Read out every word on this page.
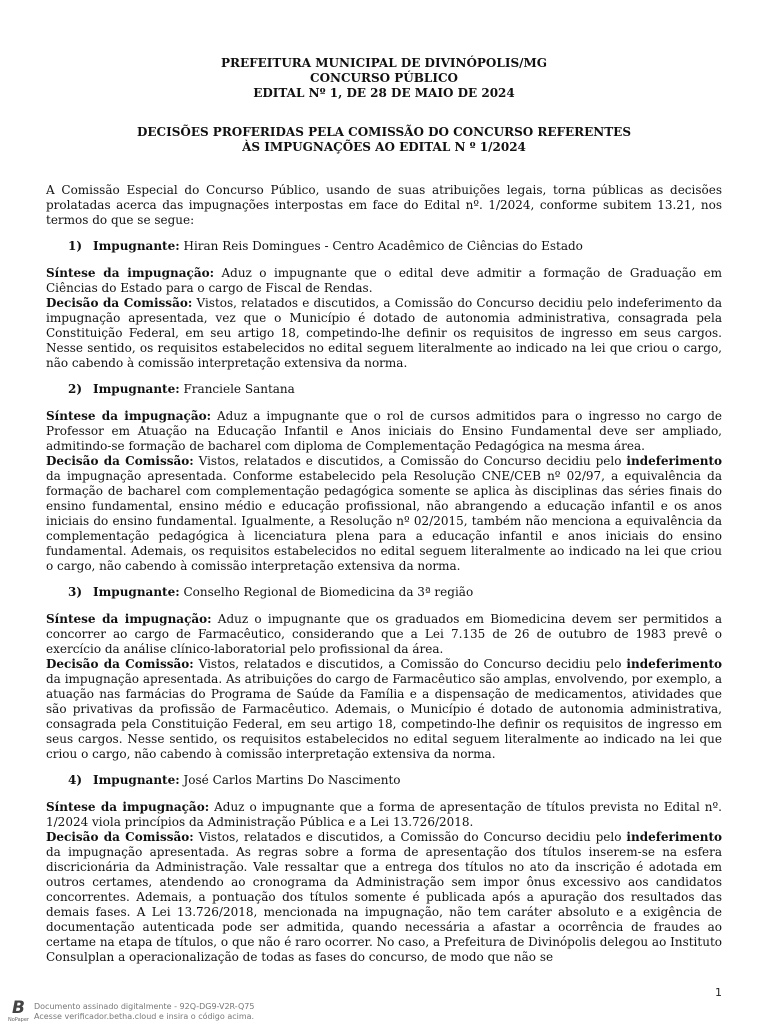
PREFEITURA MUNICIPAL DE DIVINÓPOLIS/MG
CONCURSO PÚBLICO
EDITAL Nº 1, DE 28 DE MAIO DE 2024
DECISÕES PROFERIDAS PELA COMISSÃO DO CONCURSO REFERENTES
ÀS IMPUGNAÇÕES AO EDITAL N º 1/2024

A Comissão Especial do Concurso Público, usando de suas atribuições legais, torna públicas as decisões prolatadas acerca das impugnações interpostas em face do Edital nº. 1/2024, conforme subitem 13.21, nos termos do que se segue:

1) Impugnante: Hiran Reis Domingues - Centro Acadêmico de Ciências do Estado

Síntese da impugnação: Aduz o impugnante que o edital deve admitir a formação de Graduação em Ciências do Estado para o cargo de Fiscal de Rendas.

Decisão da Comissão: Vistos, relatados e discutidos, a Comissão do Concurso decidiu pelo indeferimento da impugnação apresentada, vez que o Município é dotado de autonomia administrativa, consagrada pela Constituição Federal, em seu artigo 18, competindo-lhe definir os requisitos de ingresso em seus cargos. Nesse sentido, os requisitos estabelecidos no edital seguem literalmente ao indicado na lei que criou o cargo, não cabendo à comissão interpretação extensiva da norma.

2) Impugnante: Franciele Santana

Síntese da impugnação: Aduz a impugnante que o rol de cursos admitidos para o ingresso no cargo de Professor em Atuação na Educação Infantil e Anos iniciais do Ensino Fundamental deve ser ampliado, admitindo-se formação de bacharel com diploma de Complementação Pedagógica na mesma área.

Decisão da Comissão: Vistos, relatados e discutidos, a Comissão do Concurso decidiu pelo indeferimento da impugnação apresentada. Conforme estabelecido pela Resolução CNE/CEB nº 02/97, a equivalência da formação de bacharel com complementação pedagógica somente se aplica às disciplinas das séries finais do ensino fundamental, ensino médio e educação profissional, não abrangendo a educação infantil e os anos iniciais do ensino fundamental. Igualmente, a Resolução nº 02/2015, também não menciona a equivalência da complementação pedagógica à licenciatura plena para a educação infantil e anos iniciais do ensino fundamental. Ademais, os requisitos estabelecidos no edital seguem literalmente ao indicado na lei que criou o cargo, não cabendo à comissão interpretação extensiva da norma.

3) Impugnante: Conselho Regional de Biomedicina da 3ª região

Síntese da impugnação: Aduz o impugnante que os graduados em Biomedicina devem ser permitidos a concorrer ao cargo de Farmacêutico, considerando que a Lei 7.135 de 26 de outubro de 1983 prevê o exercício da análise clínico-laboratorial pelo profissional da área.

Decisão da Comissão: Vistos, relatados e discutidos, a Comissão do Concurso decidiu pelo indeferimento da impugnação apresentada. As atribuições do cargo de Farmacêutico são amplas, envolvendo, por exemplo, a atuação nas farmácias do Programa de Saúde da Família e a dispensação de medicamentos, atividades que são privativas da profissão de Farmacêutico. Ademais, o Município é dotado de autonomia administrativa, consagrada pela Constituição Federal, em seu artigo 18, competindo-lhe definir os requisitos de ingresso em seus cargos. Nesse sentido, os requisitos estabelecidos no edital seguem literalmente ao indicado na lei que criou o cargo, não cabendo à comissão interpretação extensiva da norma.

4) Impugnante: José Carlos Martins Do Nascimento

Síntese da impugnação: Aduz o impugnante que a forma de apresentação de títulos prevista no Edital nº. 1/2024 viola princípios da Administração Pública e a Lei 13.726/2018.

Decisão da Comissão: Vistos, relatados e discutidos, a Comissão do Concurso decidiu pelo indeferimento da impugnação apresentada. As regras sobre a forma de apresentação dos títulos inserem-se na esfera discricionária da Administração. Vale ressaltar que a entrega dos títulos no ato da inscrição é adotada em outros certames, atendendo ao cronograma da Administração sem impor ônus excessivo aos candidatos concorrentes. Ademais, a pontuação dos títulos somente é publicada após a apuração dos resultados das demais fases. A Lei 13.726/2018, mencionada na impugnação, não tem caráter absoluto e a exigência de documentação autenticada pode ser admitida, quando necessária a afastar a ocorrência de fraudes ao certame na etapa de títulos, o que não é raro ocorrer. No caso, a Prefeitura de Divinópolis delegou ao Instituto Consulplan a operacionalização de todas as fases do concurso, de modo que não se

1
B
NoPaper
Documento assinado digitalmente - 92Q-DG9-V2R-Q75
Acesse verificador.betha.cloud e insira o código acima.
